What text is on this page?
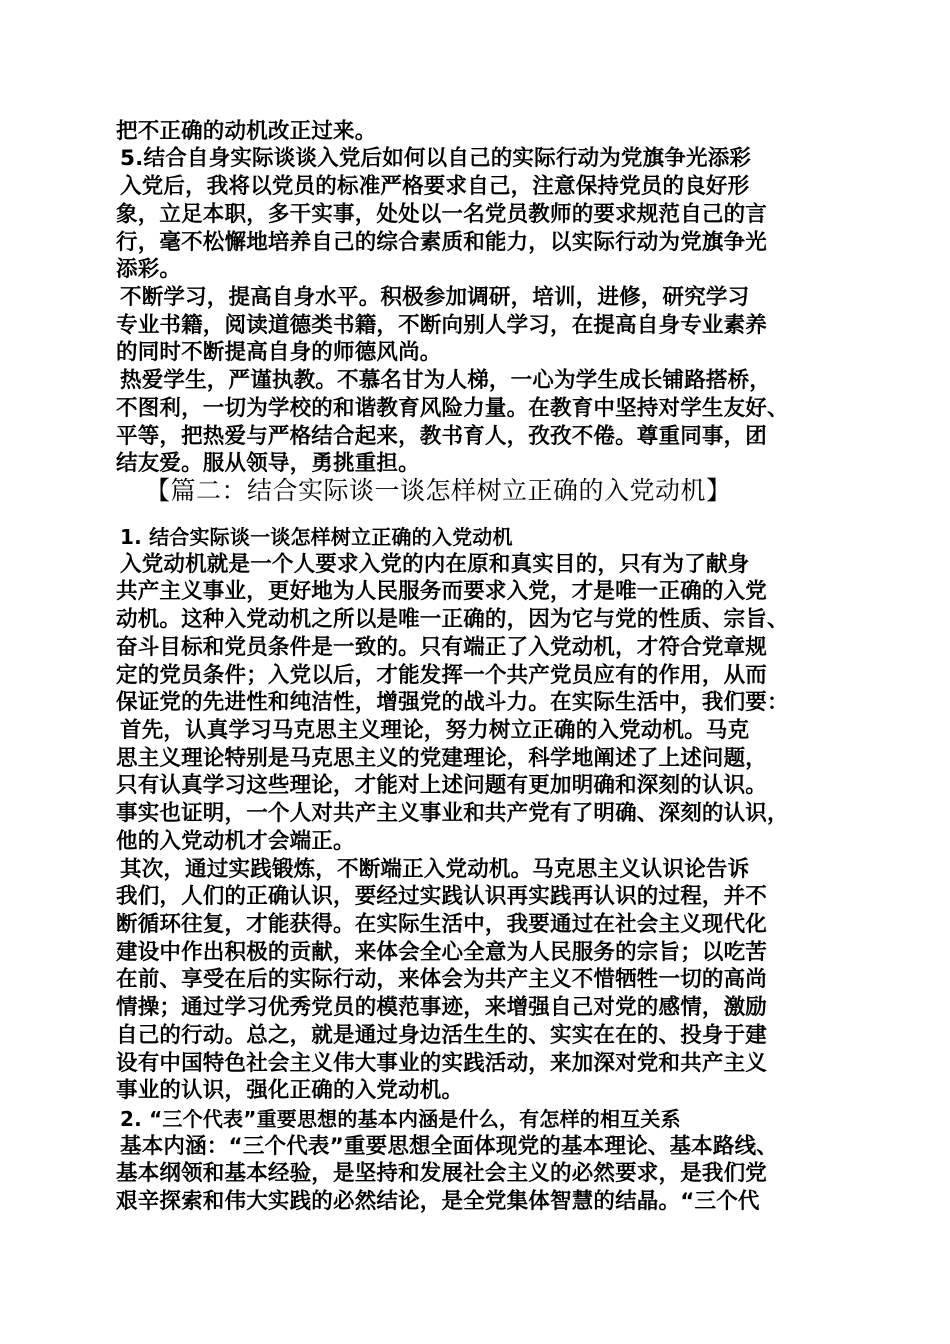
把不正确的动机改正过来。
5.结合自身实际谈谈入党后如何以自己的实际行动为党旗争光添彩
入党后，我将以党员的标准严格要求自己，注意保持党员的良好形
象，立足本职，多干实事，处处以一名党员教师的要求规范自己的言
行，毫不松懈地培养自己的综合素质和能力，以实际行动为党旗争光
添彩。
不断学习，提高自身水平。积极参加调研，培训，进修，研究学习
专业书籍，阅读道德类书籍，不断向别人学习，在提高自身专业素养
的同时不断提高自身的师德风尚。
热爱学生，严谨执教。不慕名甘为人梯，一心为学生成长铺路搭桥，
不图利，一切为学校的和谐教育风险力量。在教育中坚持对学生友好、
平等，把热爱与严格结合起来，教书育人，孜孜不倦。尊重同事，团
结友爱。服从领导，勇挑重担。
【篇二：结合实际谈一谈怎样树立正确的入党动机】
1. 结合实际谈一谈怎样树立正确的入党动机
入党动机就是一个人要求入党的内在原和真实目的，只有为了献身
共产主义事业，更好地为人民服务而要求入党，才是唯一正确的入党
动机。这种入党动机之所以是唯一正确的，因为它与党的性质、宗旨、
奋斗目标和党员条件是一致的。只有端正了入党动机，才符合党章规
定的党员条件；入党以后，才能发挥一个共产党员应有的作用，从而
保证党的先进性和纯洁性，增强党的战斗力。在实际生活中，我们要：
首先，认真学习马克思主义理论，努力树立正确的入党动机。马克
思主义理论特别是马克思主义的党建理论，科学地阐述了上述问题，
只有认真学习这些理论，才能对上述问题有更加明确和深刻的认识。
事实也证明，一个人对共产主义事业和共产党有了明确、深刻的认识，
他的入党动机才会端正。
其次，通过实践锻炼，不断端正入党动机。马克思主义认识论告诉
我们，人们的正确认识，要经过实践认识再实践再认识的过程，并不
断循环往复，才能获得。在实际生活中，我要通过在社会主义现代化
建设中作出积极的贡献，来体会全心全意为人民服务的宗旨；以吃苦
在前、享受在后的实际行动，来体会为共产主义不惜牺牲一切的高尚
情操；通过学习优秀党员的模范事迹，来增强自己对党的感情，激励
自己的行动。总之，就是通过身边活生生的、实实在在的、投身于建
设有中国特色社会主义伟大事业的实践活动，来加深对党和共产主义
事业的认识，强化正确的入党动机。
2. “三个代表”重要思想的基本内涵是什么，有怎样的相互关系
基本内涵：“三个代表”重要思想全面体现党的基本理论、基本路线、
基本纲领和基本经验，是坚持和发展社会主义的必然要求，是我们党
艰辛探索和伟大实践的必然结论，是全党集体智慧的结晶。“三个代
